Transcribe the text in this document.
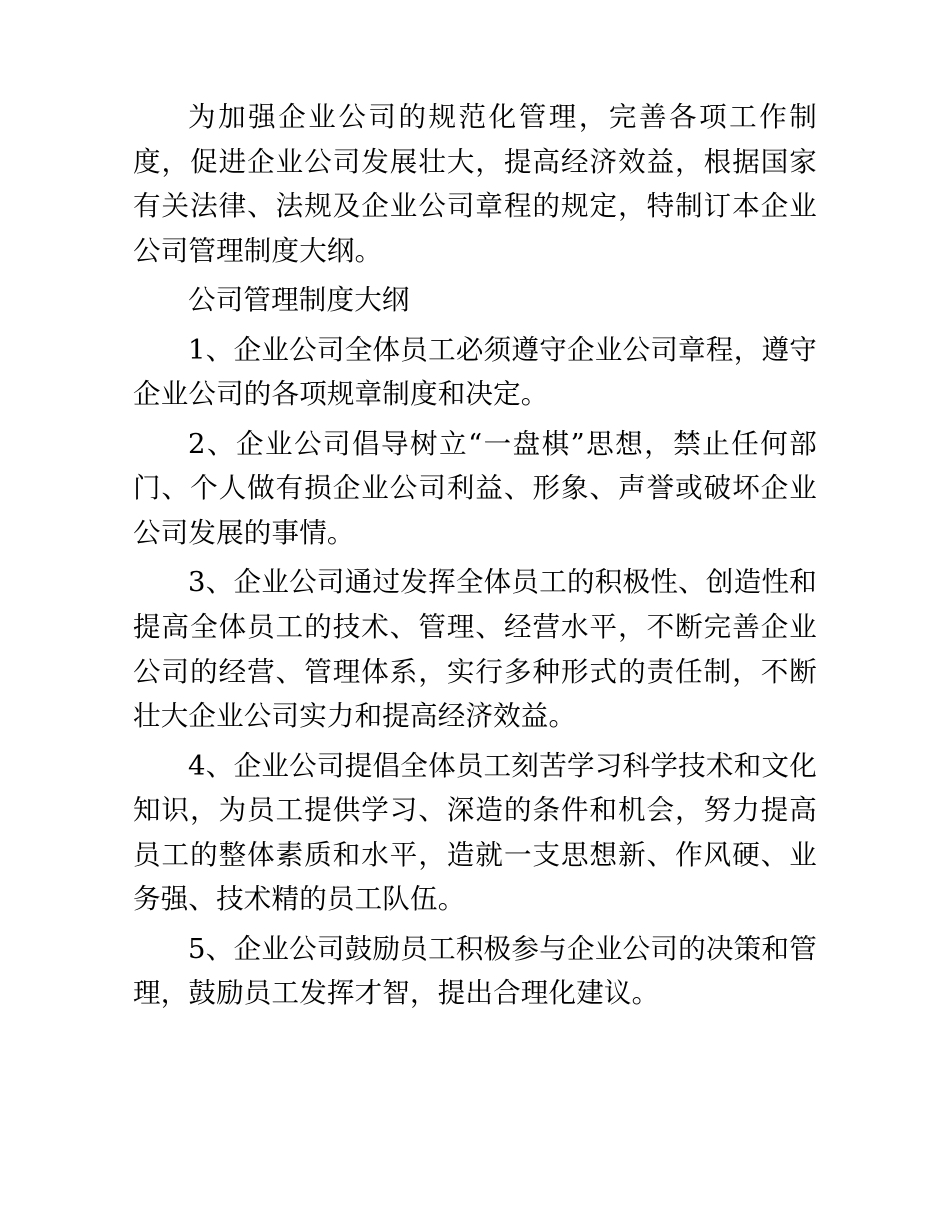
为加强企业公司的规范化管理，完善各项工作制度，促进企业公司发展壮大，提高经济效益，根据国家有关法律、法规及企业公司章程的规定，特制订本企业公司管理制度大纲。

公司管理制度大纲

1、企业公司全体员工必须遵守企业公司章程，遵守企业公司的各项规章制度和决定。

2、企业公司倡导树立“一盘棋”思想，禁止任何部门、个人做有损企业公司利益、形象、声誉或破坏企业公司发展的事情。

3、企业公司通过发挥全体员工的积极性、创造性和提高全体员工的技术、管理、经营水平，不断完善企业公司的经营、管理体系，实行多种形式的责任制，不断壮大企业公司实力和提高经济效益。

4、企业公司提倡全体员工刻苦学习科学技术和文化知识，为员工提供学习、深造的条件和机会，努力提高员工的整体素质和水平，造就一支思想新、作风硬、业务强、技术精的员工队伍。

5、企业公司鼓励员工积极参与企业公司的决策和管理，鼓励员工发挥才智，提出合理化建议。
